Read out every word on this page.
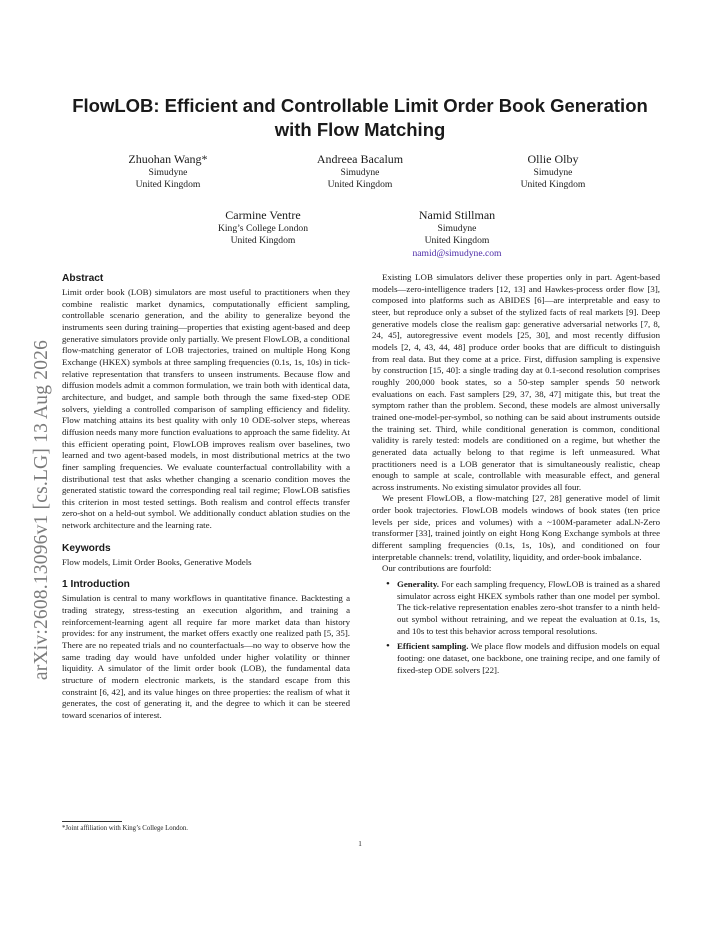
arXiv:2608.13096v1 [cs.LG] 13 Aug 2026
FlowLOB: Efficient and Controllable Limit Order Book Generation with Flow Matching
Zhuohan Wang*
Simudyne
United Kingdom
Andreea Bacalum
Simudyne
United Kingdom
Ollie Olby
Simudyne
United Kingdom
Carmine Ventre
King’s College London
United Kingdom
Namid Stillman
Simudyne
United Kingdom
namid@simudyne.com
Abstract

Limit order book (LOB) simulators are most useful to practitioners when they combine realistic market dynamics, computationally efficient sampling, controllable scenario generation, and the ability to generalize beyond the instruments seen during training—properties that existing agent-based and deep generative simulators provide only partially. We present FlowLOB, a conditional flow-matching generator of LOB trajectories, trained on multiple Hong Kong Exchange (HKEX) symbols at three sampling frequencies (0.1s, 1s, 10s) in tick-relative representation that transfers to unseen instruments. Because flow and diffusion models admit a common formulation, we train both with identical data, architecture, and budget, and sample both through the same fixed-step ODE solvers, yielding a controlled comparison of sampling efficiency and fidelity. Flow matching attains its best quality with only 10 ODE-solver steps, whereas diffusion needs many more function evaluations to approach the same fidelity. At this efficient operating point, FlowLOB improves realism over baselines, two learned and two agent-based models, in most distributional metrics at the two finer sampling frequencies. We evaluate counterfactual controllability with a distributional test that asks whether changing a scenario condition moves the generated statistic toward the corresponding real tail regime; FlowLOB satisfies this criterion in most tested settings. Both realism and control effects transfer zero-shot on a held-out symbol. We additionally conduct ablation studies on the network architecture and the learning rate.

Keywords

Flow models, Limit Order Books, Generative Models

1 Introduction

Simulation is central to many workflows in quantitative finance. Backtesting a trading strategy, stress-testing an execution algorithm, and training a reinforcement-learning agent all require far more market data than history provides: for any instrument, the market offers exactly one realized path [5, 35]. There are no repeated trials and no counterfactuals—no way to observe how the same trading day would have unfolded under higher volatility or thinner liquidity. A simulator of the limit order book (LOB), the fundamental data structure of modern electronic markets, is the standard escape from this constraint [6, 42], and its value hinges on three properties: the realism of what it generates, the cost of generating it, and the degree to which it can be steered toward scenarios of interest.

Existing LOB simulators deliver these properties only in part. Agent-based models—zero-intelligence traders [12, 13] and Hawkes-process order flow [3], composed into platforms such as ABIDES [6]—are interpretable and easy to steer, but reproduce only a subset of the stylized facts of real markets [9]. Deep generative models close the realism gap: generative adversarial networks [7, 8, 24, 45], autoregressive event models [25, 30], and most recently diffusion models [2, 4, 43, 44, 48] produce order books that are difficult to distinguish from real data. But they come at a price. First, diffusion sampling is expensive by construction [15, 40]: a single trading day at 0.1-second resolution comprises roughly 200,000 book states, so a 50-step sampler spends 50 network evaluations on each. Fast samplers [29, 37, 38, 47] mitigate this, but treat the symptom rather than the problem. Second, these models are almost universally trained one-model-per-symbol, so nothing can be said about instruments outside the training set. Third, while conditional generation is common, conditional validity is rarely tested: models are conditioned on a regime, but whether the generated data actually belong to that regime is left unmeasured. What practitioners need is a LOB generator that is simultaneously realistic, cheap enough to sample at scale, controllable with measurable effect, and general across instruments. No existing simulator provides all four.

We present FlowLOB, a flow-matching [27, 28] generative model of limit order book trajectories. FlowLOB models windows of book states (ten price levels per side, prices and volumes) with a ~100M-parameter adaLN-Zero transformer [33], trained jointly on eight Hong Kong Exchange symbols at three different sampling frequencies (0.1s, 1s, 10s), and conditioned on four interpretable channels: trend, volatility, liquidity, and order-book imbalance.

Our contributions are fourfold:

• Generality. For each sampling frequency, FlowLOB is trained as a shared simulator across eight HKEX symbols rather than one model per symbol. The tick-relative representation enables zero-shot transfer to a ninth held-out symbol without retraining, and we repeat the evaluation at 0.1s, 1s, and 10s to test this behavior across temporal resolutions.
• Efficient sampling. We place flow models and diffusion models on equal footing: one dataset, one backbone, one training recipe, and one family of fixed-step ODE solvers [22].
*Joint affiliation with King’s College London.
1
